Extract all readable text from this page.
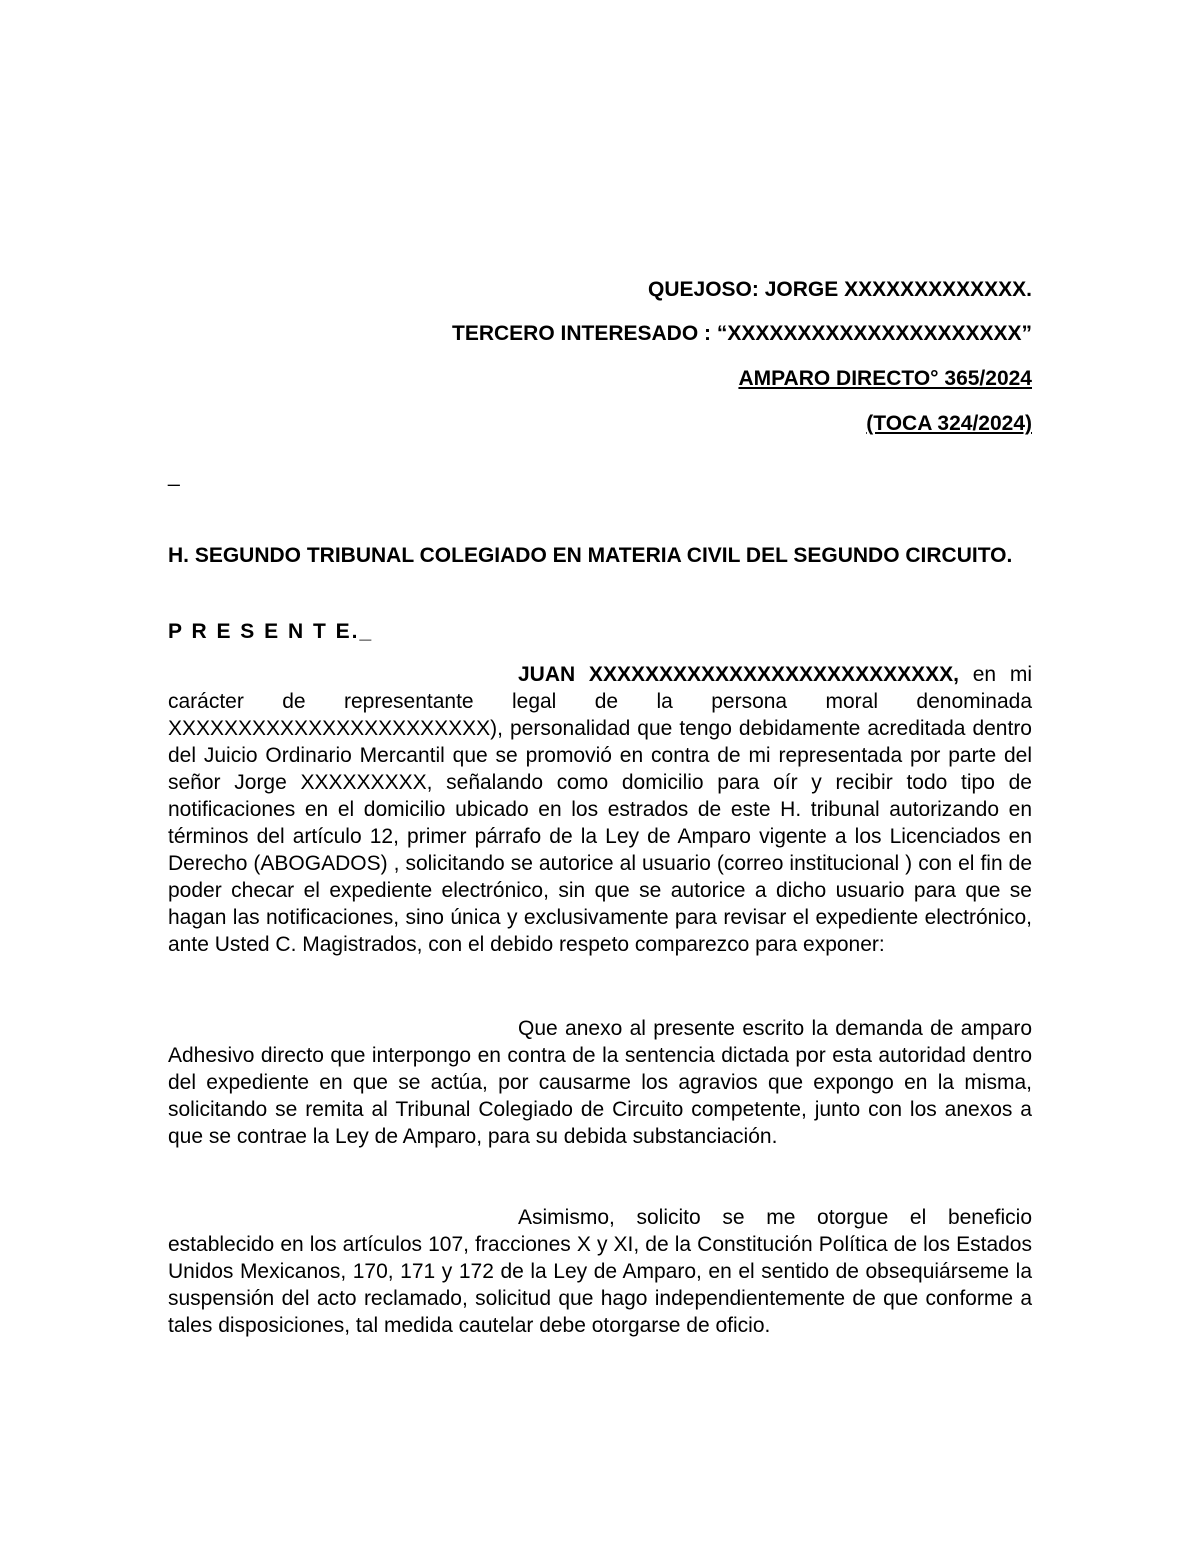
QUEJOSO: JORGE XXXXXXXXXXXXX.
TERCERO INTERESADO : “XXXXXXXXXXXXXXXXXXXXX”
AMPARO DIRECTO° 365/2024
(TOCA 324/2024)
_
H. SEGUNDO TRIBUNAL COLEGIADO EN MATERIA CIVIL DEL SEGUNDO CIRCUITO.
P R E S E N T E._
JUAN XXXXXXXXXXXXXXXXXXXXXXXXXX, en mi carácter de representante legal de la persona moral denominada XXXXXXXXXXXXXXXXXXXXXXX), personalidad que tengo debidamente acreditada dentro del Juicio Ordinario Mercantil que se promovió en contra de mi representada por parte del señor Jorge XXXXXXXXX, señalando como domicilio para oír y recibir todo tipo de notificaciones en el domicilio ubicado en los estrados de este H. tribunal autorizando en términos del artículo 12, primer párrafo de la Ley de Amparo vigente a los Licenciados en Derecho (ABOGADOS) , solicitando se autorice al usuario (correo institucional ) con el fin de poder checar el expediente electrónico, sin que se autorice a dicho usuario para que se hagan las notificaciones, sino única y exclusivamente para revisar el expediente electrónico, ante Usted C. Magistrados, con el debido respeto comparezco para exponer:
Que anexo al presente escrito la demanda de amparo Adhesivo directo que interpongo en contra de la sentencia dictada por esta autoridad dentro del expediente en que se actúa, por causarme los agravios que expongo en la misma, solicitando se remita al Tribunal Colegiado de Circuito competente, junto con los anexos a que se contrae la Ley de Amparo, para su debida substanciación.
Asimismo, solicito se me otorgue el beneficio establecido en los artículos 107, fracciones X y XI, de la Constitución Política de los Estados Unidos Mexicanos, 170, 171 y 172 de la Ley de Amparo, en el sentido de obsequiárseme la suspensión del acto reclamado, solicitud que hago independientemente de que conforme a tales disposiciones, tal medida cautelar debe otorgarse de oficio.
